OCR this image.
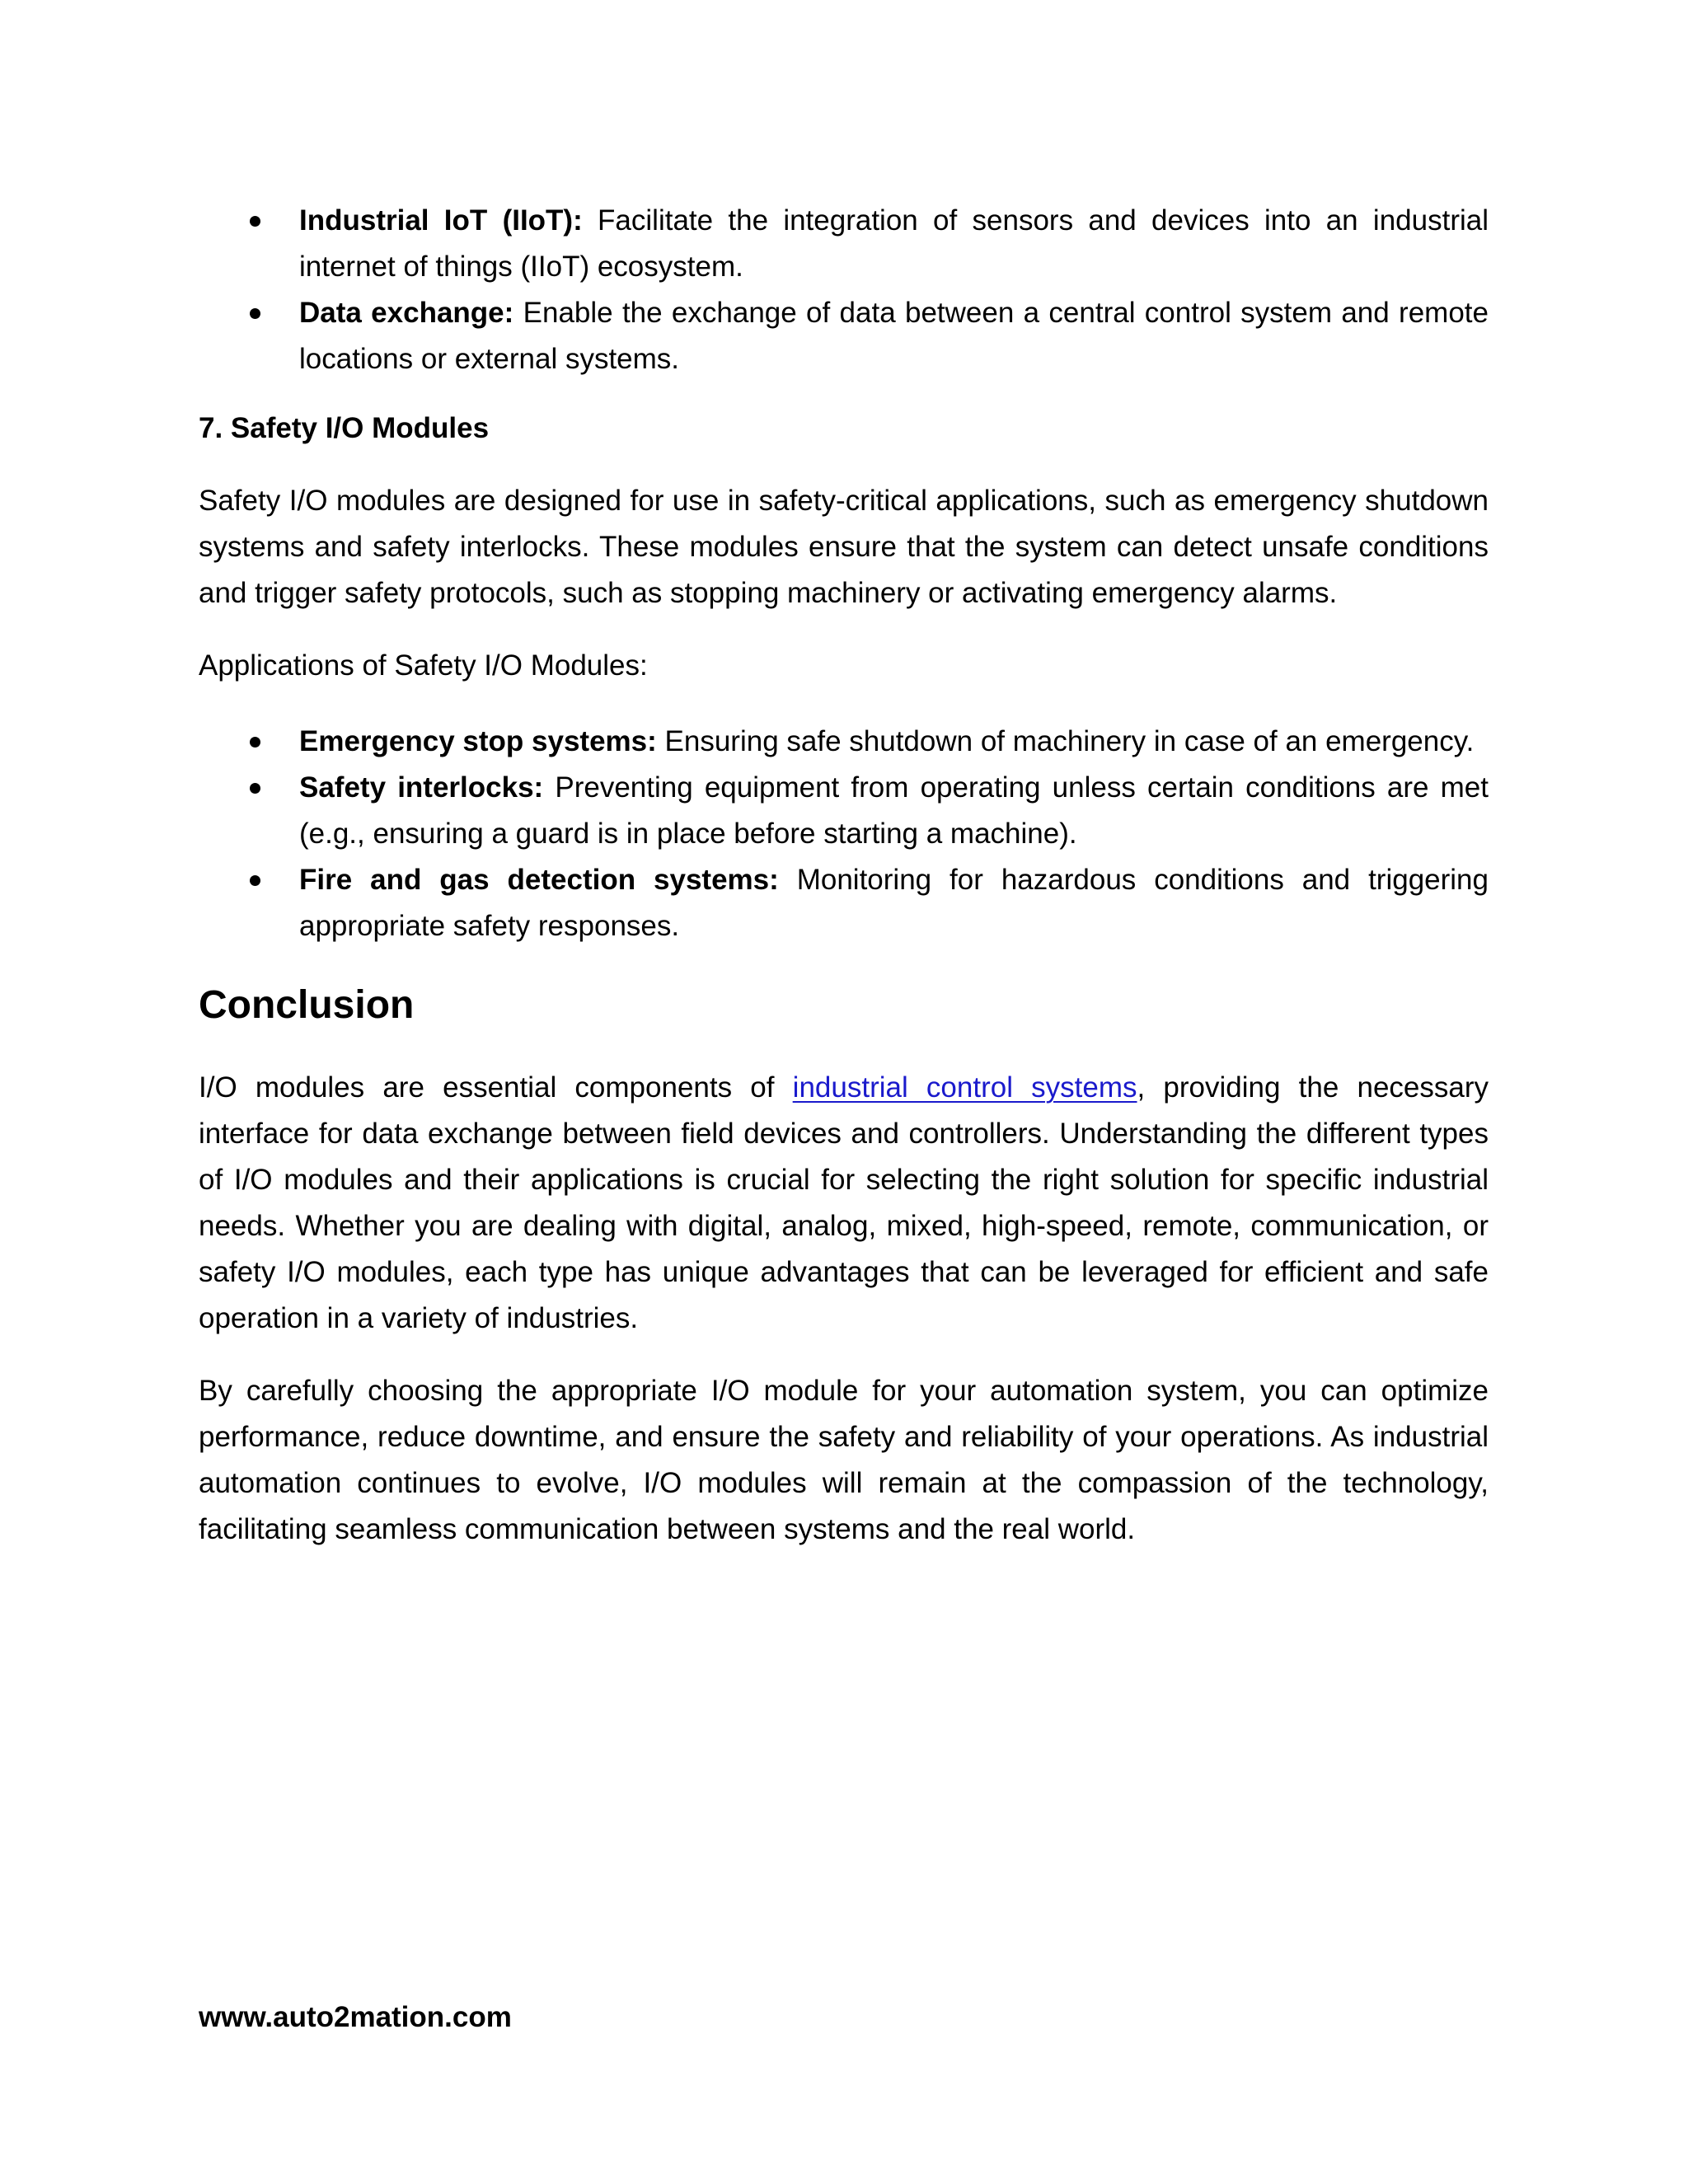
Industrial IoT (IIoT): Facilitate the integration of sensors and devices into an industrial internet of things (IIoT) ecosystem.
Data exchange: Enable the exchange of data between a central control system and remote locations or external systems.
7. Safety I/O Modules

Safety I/O modules are designed for use in safety-critical applications, such as emergency shutdown systems and safety interlocks. These modules ensure that the system can detect unsafe conditions and trigger safety protocols, such as stopping machinery or activating emergency alarms.

Applications of Safety I/O Modules:

Emergency stop systems: Ensuring safe shutdown of machinery in case of an emergency.
Safety interlocks: Preventing equipment from operating unless certain conditions are met (e.g., ensuring a guard is in place before starting a machine).
Fire and gas detection systems: Monitoring for hazardous conditions and triggering appropriate safety responses.
Conclusion

I/O modules are essential components of industrial control systems, providing the necessary interface for data exchange between field devices and controllers. Understanding the different types of I/O modules and their applications is crucial for selecting the right solution for specific industrial needs. Whether you are dealing with digital, analog, mixed, high-speed, remote, communication, or safety I/O modules, each type has unique advantages that can be leveraged for efficient and safe operation in a variety of industries.

By carefully choosing the appropriate I/O module for your automation system, you can optimize performance, reduce downtime, and ensure the safety and reliability of your operations. As industrial automation continues to evolve, I/O modules will remain at the compassion of the technology, facilitating seamless communication between systems and the real world.

www.auto2mation.com
